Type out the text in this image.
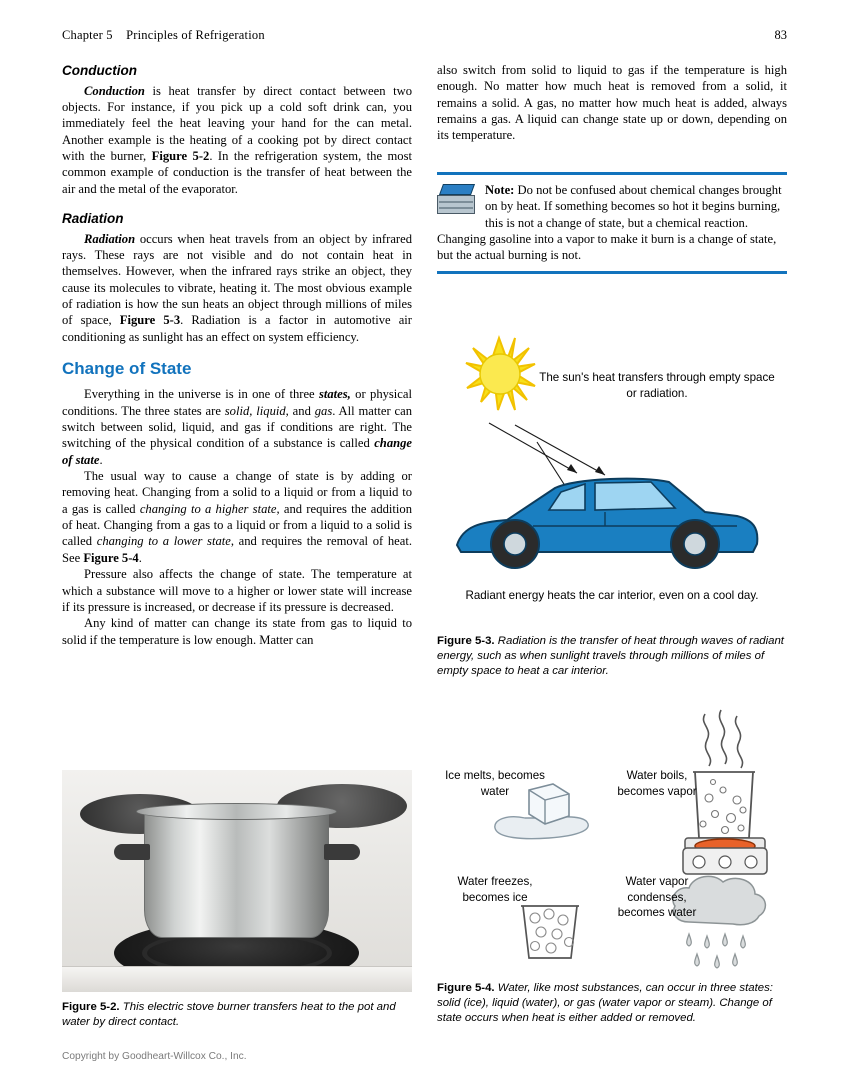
Chapter 5 Principles of Refrigeration	83
Conduction

Conduction is heat transfer by direct contact between two objects. For instance, if you pick up a cold soft drink can, you immediately feel the heat leaving your hand for the can metal. Another example is the heating of a cooking pot by direct contact with the burner, Figure 5-2. In the refrigeration system, the most common example of conduction is the transfer of heat between the air and the metal of the evaporator.

Radiation

Radiation occurs when heat travels from an object by infrared rays. These rays are not visible and do not contain heat in themselves. However, when the infrared rays strike an object, they cause its molecules to vibrate, heating it. The most obvious example of radiation is how the sun heats an object through millions of miles of space, Figure 5-3. Radiation is a factor in automotive air conditioning as sunlight has an effect on system efficiency.

Change of State

Everything in the universe is in one of three states, or physical conditions. The three states are solid, liquid, and gas. All matter can switch between solid, liquid, and gas if conditions are right. The switching of the physical condition of a substance is called change of state.

The usual way to cause a change of state is by adding or removing heat. Changing from a solid to a liquid or from a liquid to a gas is called changing to a higher state, and requires the addition of heat. Changing from a gas to a liquid or from a liquid to a solid is called changing to a lower state, and requires the removal of heat. See Figure 5-4.

Pressure also affects the change of state. The temperature at which a substance will move to a higher or lower state will increase if its pressure is increased, or decrease if its pressure is decreased.

Any kind of matter can change its state from gas to liquid to solid if the temperature is low enough. Matter can

also switch from solid to liquid to gas if the temperature is high enough. No matter how much heat is removed from a solid, it remains a solid. A gas, no matter how much heat is added, always remains a gas. A liquid can change state up or down, depending on its temperature.

Note: Do not be confused about chemical changes brought on by heat. If something becomes so hot it begins burning, this is not a change of state, but a chemical reaction. Changing gasoline into a vapor to make it burn is a change of state, but the actual burning is not.
The sun's heat transfers through empty space or radiation.
Radiant energy heats the car interior, even on a cool day.
Figure 5-3. Radiation is the transfer of heat through waves of radiant energy, such as when sunlight travels through millions of miles of empty space to heat a car interior.
Ice melts, becomes water
Water boils, becomes vapor
Water freezes, becomes ice
Water vapor condenses, becomes water
Figure 5-4. Water, like most substances, can occur in three states: solid (ice), liquid (water), or gas (water vapor or steam). Change of state occurs when heat is either added or removed.
Figure 5-2. This electric stove burner transfers heat to the pot and water by direct contact.
Copyright by Goodheart-Willcox Co., Inc.
